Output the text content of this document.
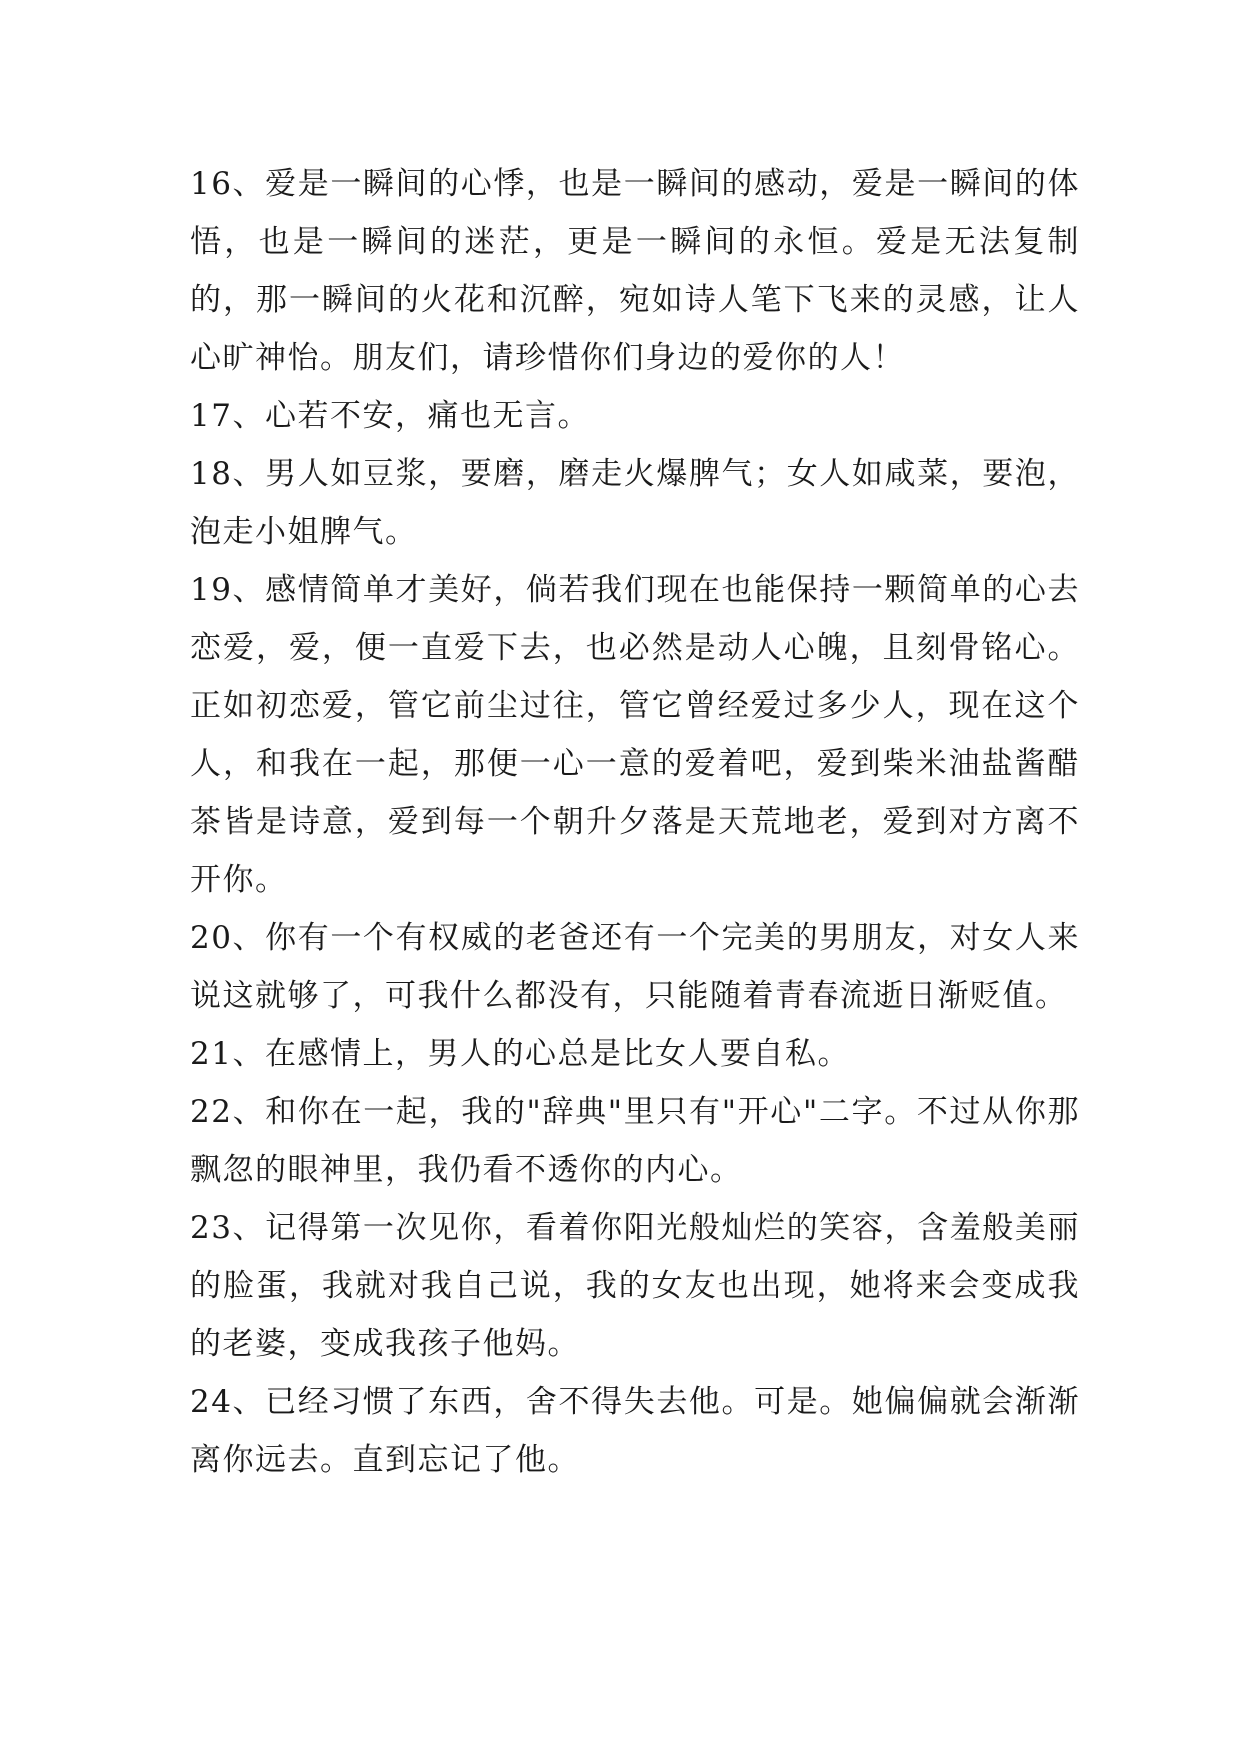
16、爱是一瞬间的心悸，也是一瞬间的感动，爱是一瞬间的体悟，也是一瞬间的迷茫，更是一瞬间的永恒。爱是无法复制的，那一瞬间的火花和沉醉，宛如诗人笔下飞来的灵感，让人心旷神怡。朋友们，请珍惜你们身边的爱你的人！

17、心若不安，痛也无言。

18、男人如豆浆，要磨，磨走火爆脾气；女人如咸菜，要泡，泡走小姐脾气。

19、感情简单才美好，倘若我们现在也能保持一颗简单的心去恋爱，爱，便一直爱下去，也必然是动人心魄，且刻骨铭心。正如初恋爱，管它前尘过往，管它曾经爱过多少人，现在这个人，和我在一起，那便一心一意的爱着吧，爱到柴米油盐酱醋茶皆是诗意，爱到每一个朝升夕落是天荒地老，爱到对方离不开你。

20、你有一个有权威的老爸还有一个完美的男朋友，对女人来说这就够了，可我什么都没有，只能随着青春流逝日渐贬值。

21、在感情上，男人的心总是比女人要自私。

22、和你在一起，我的"辞典"里只有"开心"二字。不过从你那飘忽的眼神里，我仍看不透你的内心。

23、记得第一次见你，看着你阳光般灿烂的笑容，含羞般美丽的脸蛋，我就对我自己说，我的女友也出现，她将来会变成我的老婆，变成我孩子他妈。

24、已经习惯了东西，舍不得失去他。可是。她偏偏就会渐渐离你远去。直到忘记了他。
